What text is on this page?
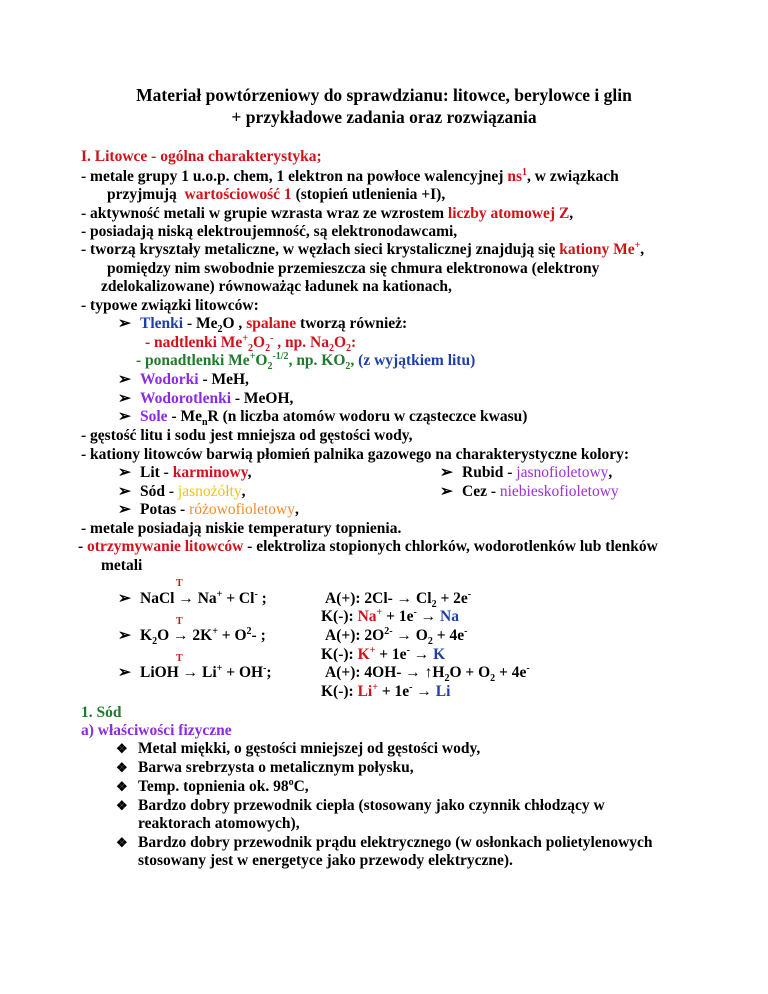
Materiał powtórzeniowy do sprawdzianu: litowce, berylowce i glin
+ przykładowe zadania oraz rozwiązania
I. Litowce - ogólna charakterystyka;
- metale grupy 1 u.o.p. chem, 1 elektron na powłoce walencyjnej $ns^1$, w związkach
przyjmują  wartościowość 1 (stopień utlenienia +I),
- aktywność metali w grupie wzrasta wraz ze wzrostem liczby atomowej Z,
- posiadają niską elektroujemność, są elektronodawcami,
- tworzą kryształy metaliczne, w węzłach sieci krystalicznej znajdują się kationy Me+,
pomiędzy nim swobodnie przemieszcza się chmura elektronowa (elektrony
zdelokalizowane) równoważąc ładunek na kationach,
- typowe związki litowców:
➢ Tlenki - $Me_2O$ , spalane tworzą również:
- nadtlenki $Me^+_2O_2^-$ , np. $Na_2O_2$:
- ponadtlenki $Me^+O_2^{-1/2}$, np. $KO_2$, (z wyjątkiem litu)
➢ Wodorki - MeH,
➢ Wodorotlenki - MeOH,
➢ Sole - $Me_nR$ (n liczba atomów wodoru w cząsteczce kwasu)
- gęstość litu i sodu jest mniejsza od gęstości wody,
- kationy litowców barwią płomień palnika gazowego na charakterystyczne kolory:
➢ Lit - karminowy,	➢ Rubid - jasnofioletowy,
➢ Sód - jasnożółty,	➢ Cez - niebieskofioletowy
➢ Potas - różowofioletowy,
- metale posiadają niskie temperatury topnienia.
- otrzymywanie litowców - elektroliza stopionych chlorków, wodorotlenków lub tlenków
metali
T
➢ NaCl → Na+ + Cl- ;	A(+): $2Cl- \to Cl_2 + 2e^-$
K(-): Na+ + 1e- → Na
T
➢ $K_2O \to 2K^+ + O^2-$ ;	A(+): $2O^{2-} \to O_2 + 4e^-$
K(-): K+ + 1e- → K
T
➢ LiOH → Li+ + OH-;	A(+): $4OH- \to ↑H_2O + O_2 + 4e^-$
K(-): Li+ + 1e- → Li
1. Sód
a) właściwości fizyczne
❖ Metal miękki, o gęstości mniejszej od gęstości wody,
❖ Barwa srebrzysta o metalicznym połysku,
❖ Temp. topnienia ok. 98$^o$C,
❖ Bardzo dobry przewodnik ciepła (stosowany jako czynnik chłodzący w
reaktorach atomowych),
❖ Bardzo dobry przewodnik prądu elektrycznego (w osłonkach polietylenowych
stosowany jest w energetyce jako przewody elektryczne).
